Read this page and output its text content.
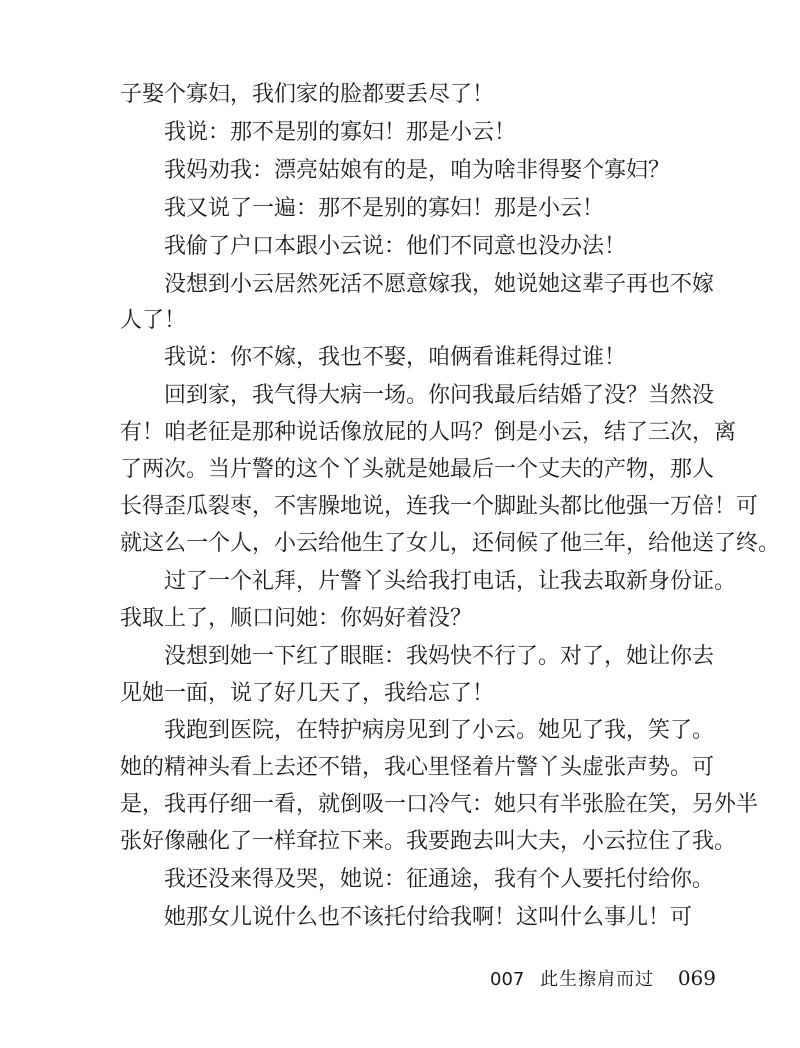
子娶个寡妇，我们家的脸都要丢尽了！
我说：那不是别的寡妇！那是小云！
我妈劝我：漂亮姑娘有的是，咱为啥非得娶个寡妇？
我又说了一遍：那不是别的寡妇！那是小云！
我偷了户口本跟小云说：他们不同意也没办法！
没想到小云居然死活不愿意嫁我，她说她这辈子再也不嫁
人了！
我说：你不嫁，我也不娶，咱俩看谁耗得过谁！
回到家，我气得大病一场。你问我最后结婚了没？当然没
有！咱老征是那种说话像放屁的人吗？倒是小云，结了三次，离
了两次。当片警的这个丫头就是她最后一个丈夫的产物，那人
长得歪瓜裂枣，不害臊地说，连我一个脚趾头都比他强一万倍！可
就这么一个人，小云给他生了女儿，还伺候了他三年，给他送了终。
过了一个礼拜，片警丫头给我打电话，让我去取新身份证。
我取上了，顺口问她：你妈好着没？
没想到她一下红了眼眶：我妈快不行了。对了，她让你去
见她一面，说了好几天了，我给忘了！
我跑到医院，在特护病房见到了小云。她见了我，笑了。
她的精神头看上去还不错，我心里怪着片警丫头虚张声势。可
是，我再仔细一看，就倒吸一口冷气：她只有半张脸在笑，另外半
张好像融化了一样耷拉下来。我要跑去叫大夫，小云拉住了我。
我还没来得及哭，她说：征通途，我有个人要托付给你。
她那女儿说什么也不该托付给我啊！这叫什么事儿！可
007 此生擦肩而过 069
